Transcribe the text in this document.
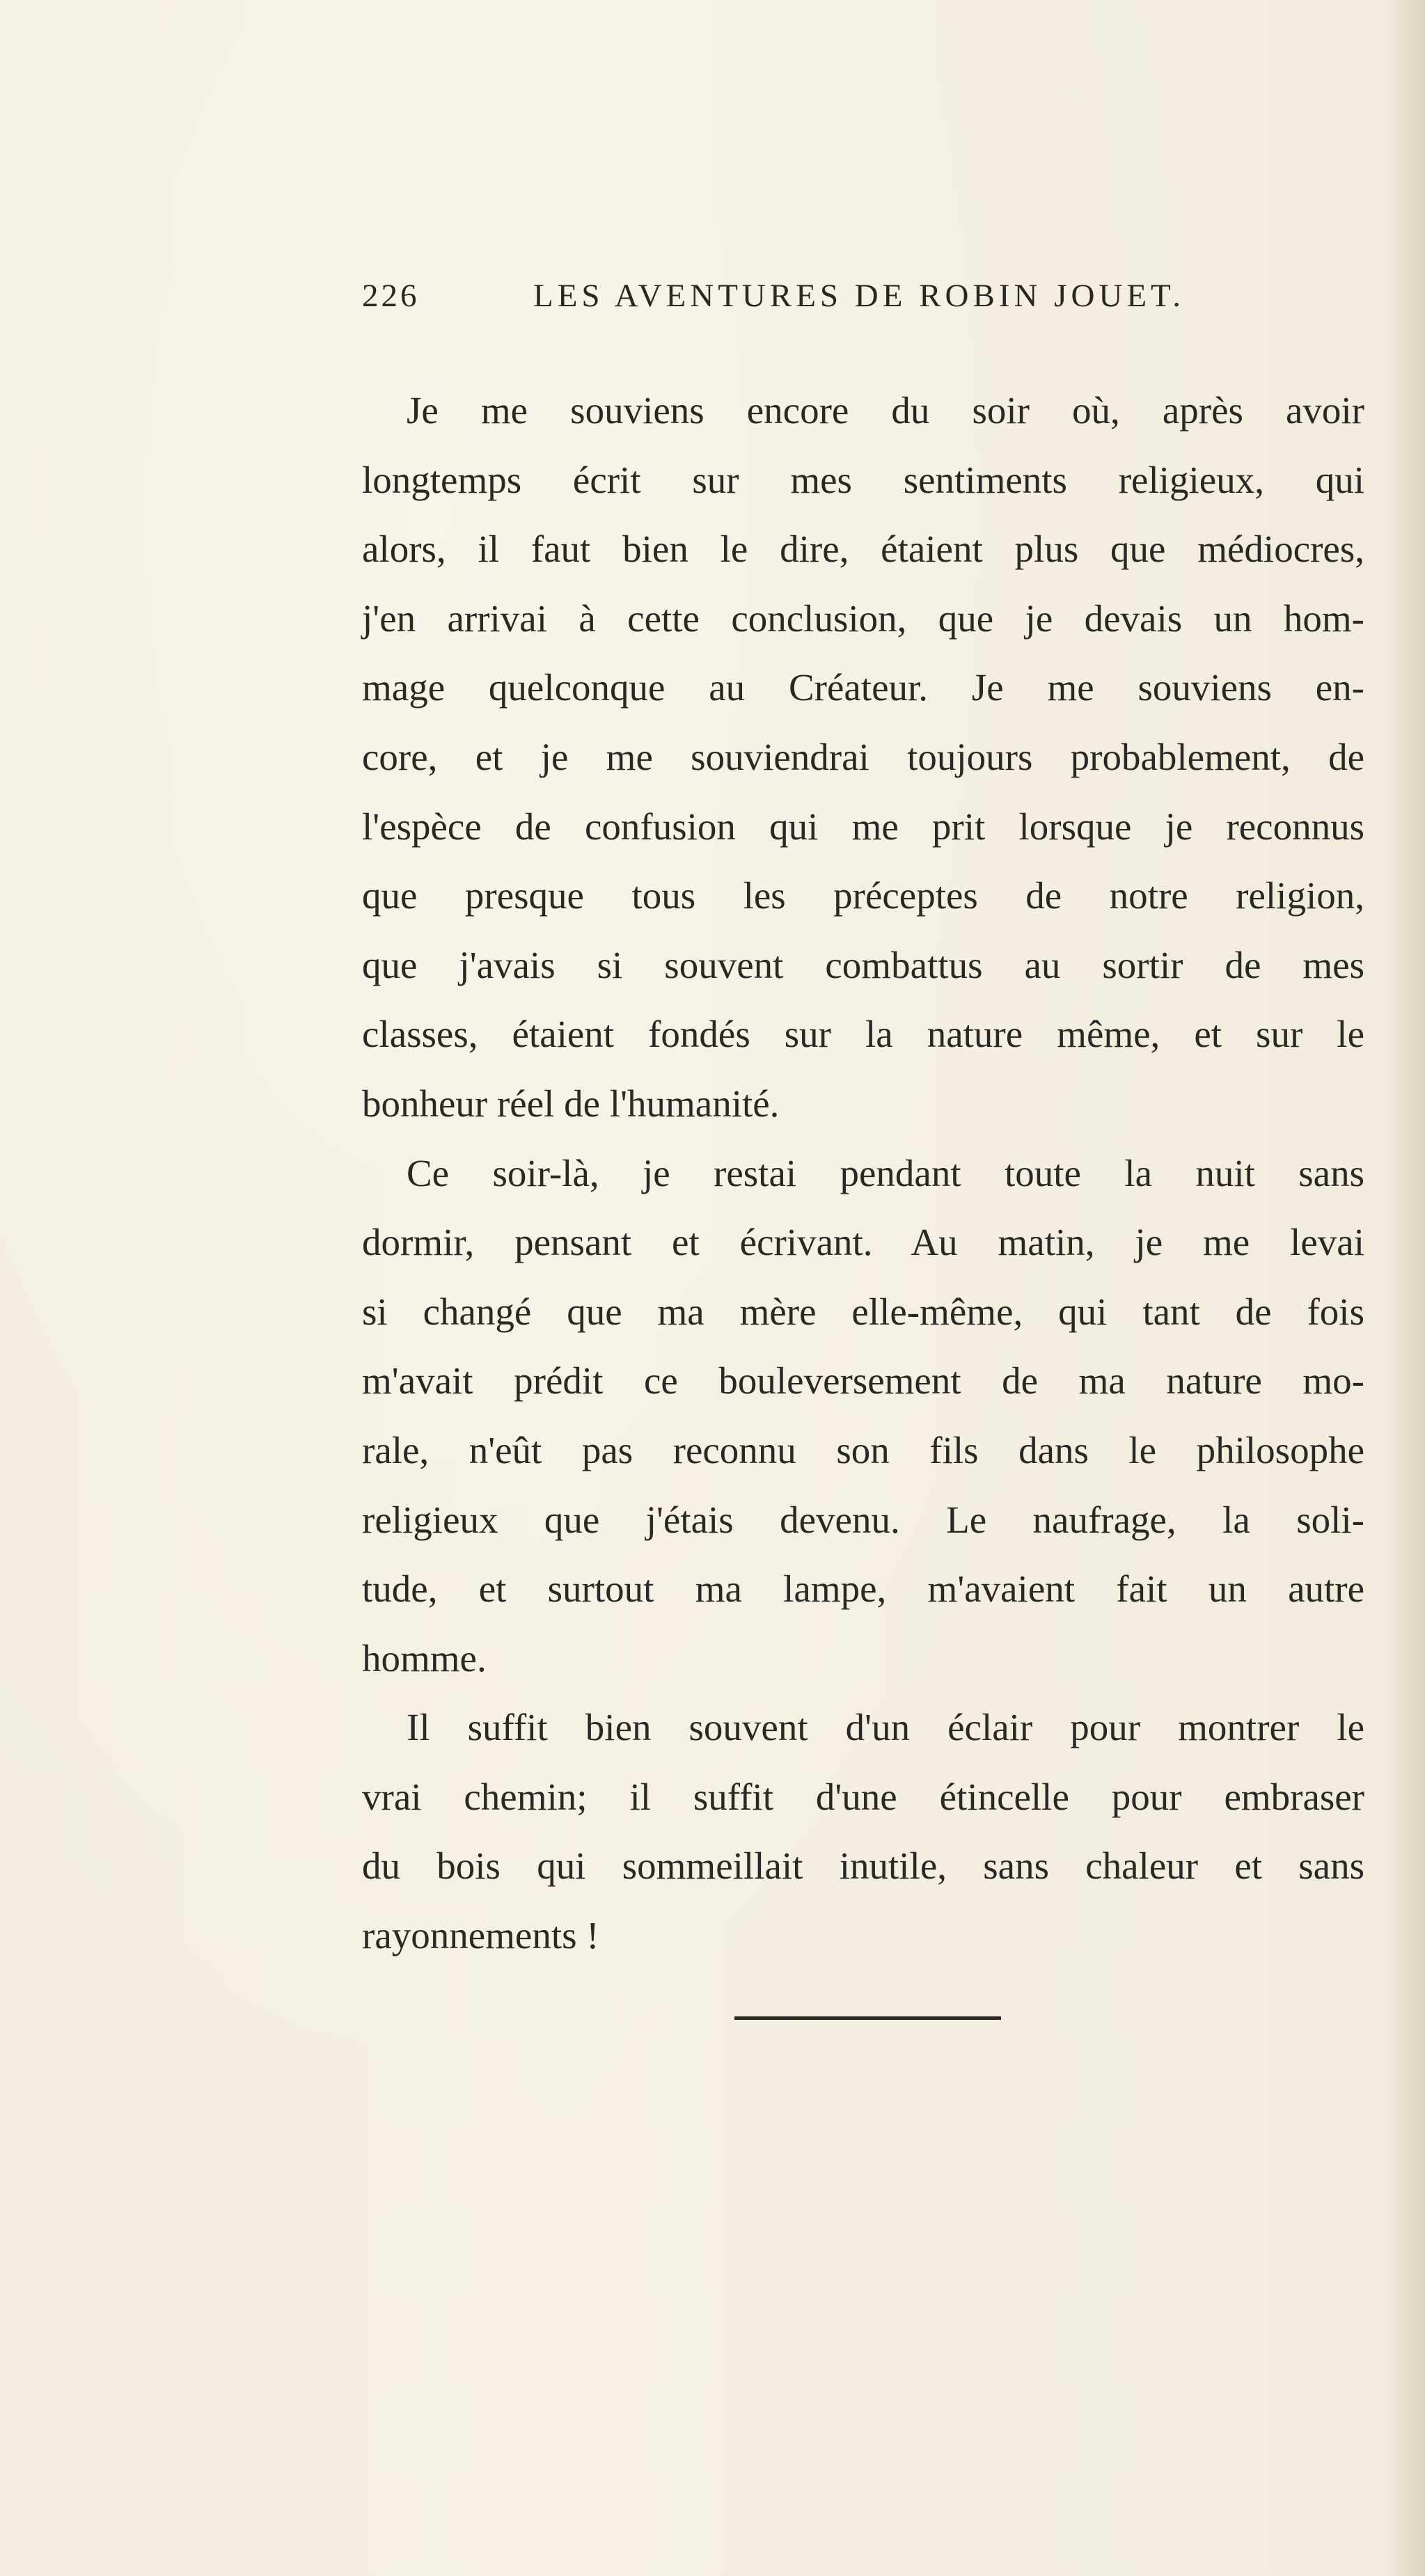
226	LES AVENTURES DE ROBIN JOUET.
Je me souviens encore du soir où, après avoir
longtemps écrit sur mes sentiments religieux, qui
alors, il faut bien le dire, étaient plus que médiocres,
j'en arrivai à cette conclusion, que je devais un hom-
mage quelconque au Créateur. Je me souviens en-
core, et je me souviendrai toujours probablement, de
l'espèce de confusion qui me prit lorsque je reconnus
que presque tous les préceptes de notre religion,
que j'avais si souvent combattus au sortir de mes
classes, étaient fondés sur la nature même, et sur le
bonheur réel de l'humanité.
Ce soir-là, je restai pendant toute la nuit sans
dormir, pensant et écrivant. Au matin, je me levai
si changé que ma mère elle-même, qui tant de fois
m'avait prédit ce bouleversement de ma nature mo-
rale, n'eût pas reconnu son fils dans le philosophe
religieux que j'étais devenu. Le naufrage, la soli-
tude, et surtout ma lampe, m'avaient fait un autre
homme.
Il suffit bien souvent d'un éclair pour montrer le
vrai chemin; il suffit d'une étincelle pour embraser
du bois qui sommeillait inutile, sans chaleur et sans
rayonnements !
